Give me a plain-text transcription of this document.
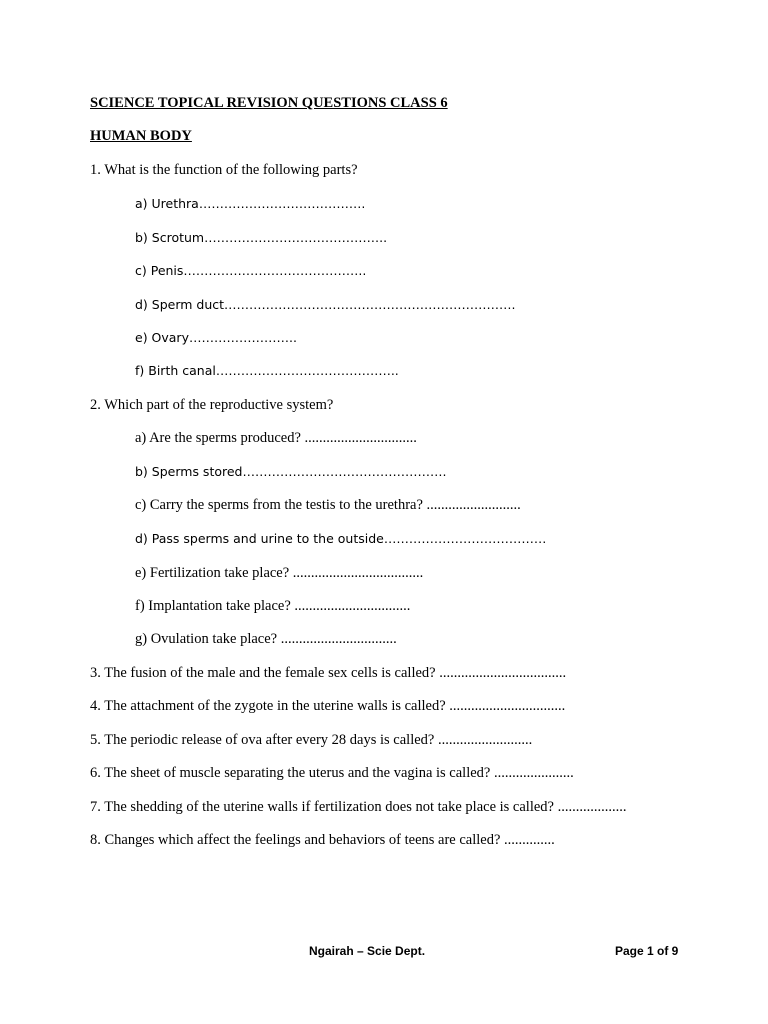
SCIENCE TOPICAL REVISION QUESTIONS CLASS 6
HUMAN BODY
1. What is the function of the following parts?
a) Urethra………………………………….
b) Scrotum……………………………………..
c) Penis……………………………………..
d) Sperm duct…………………………………………………………….
e) Ovary……………………..
f) Birth canal……………………………………..
2. Which part of the reproductive system?
a) Are the sperms produced? ...............................
b) Sperms stored………………………………………….
c) Carry the sperms from the testis to the urethra? ..........................
d) Pass sperms and urine to the outside…………………………………
e) Fertilization take place? ....................................
f) Implantation take place? ................................
g) Ovulation take place? ................................
3. The fusion of the male and the female sex cells is called? ...................................
4. The attachment of the zygote in the uterine walls is called? ................................
5. The periodic release of ova after every 28 days is called? ..........................
6. The sheet of muscle separating the uterus and the vagina is called? ......................
7. The shedding of the uterine walls if fertilization does not take place is called? ...................
8. Changes which affect the feelings and behaviors of teens are called? ..............
Ngairah – Scie Dept.	Page 1 of 9
